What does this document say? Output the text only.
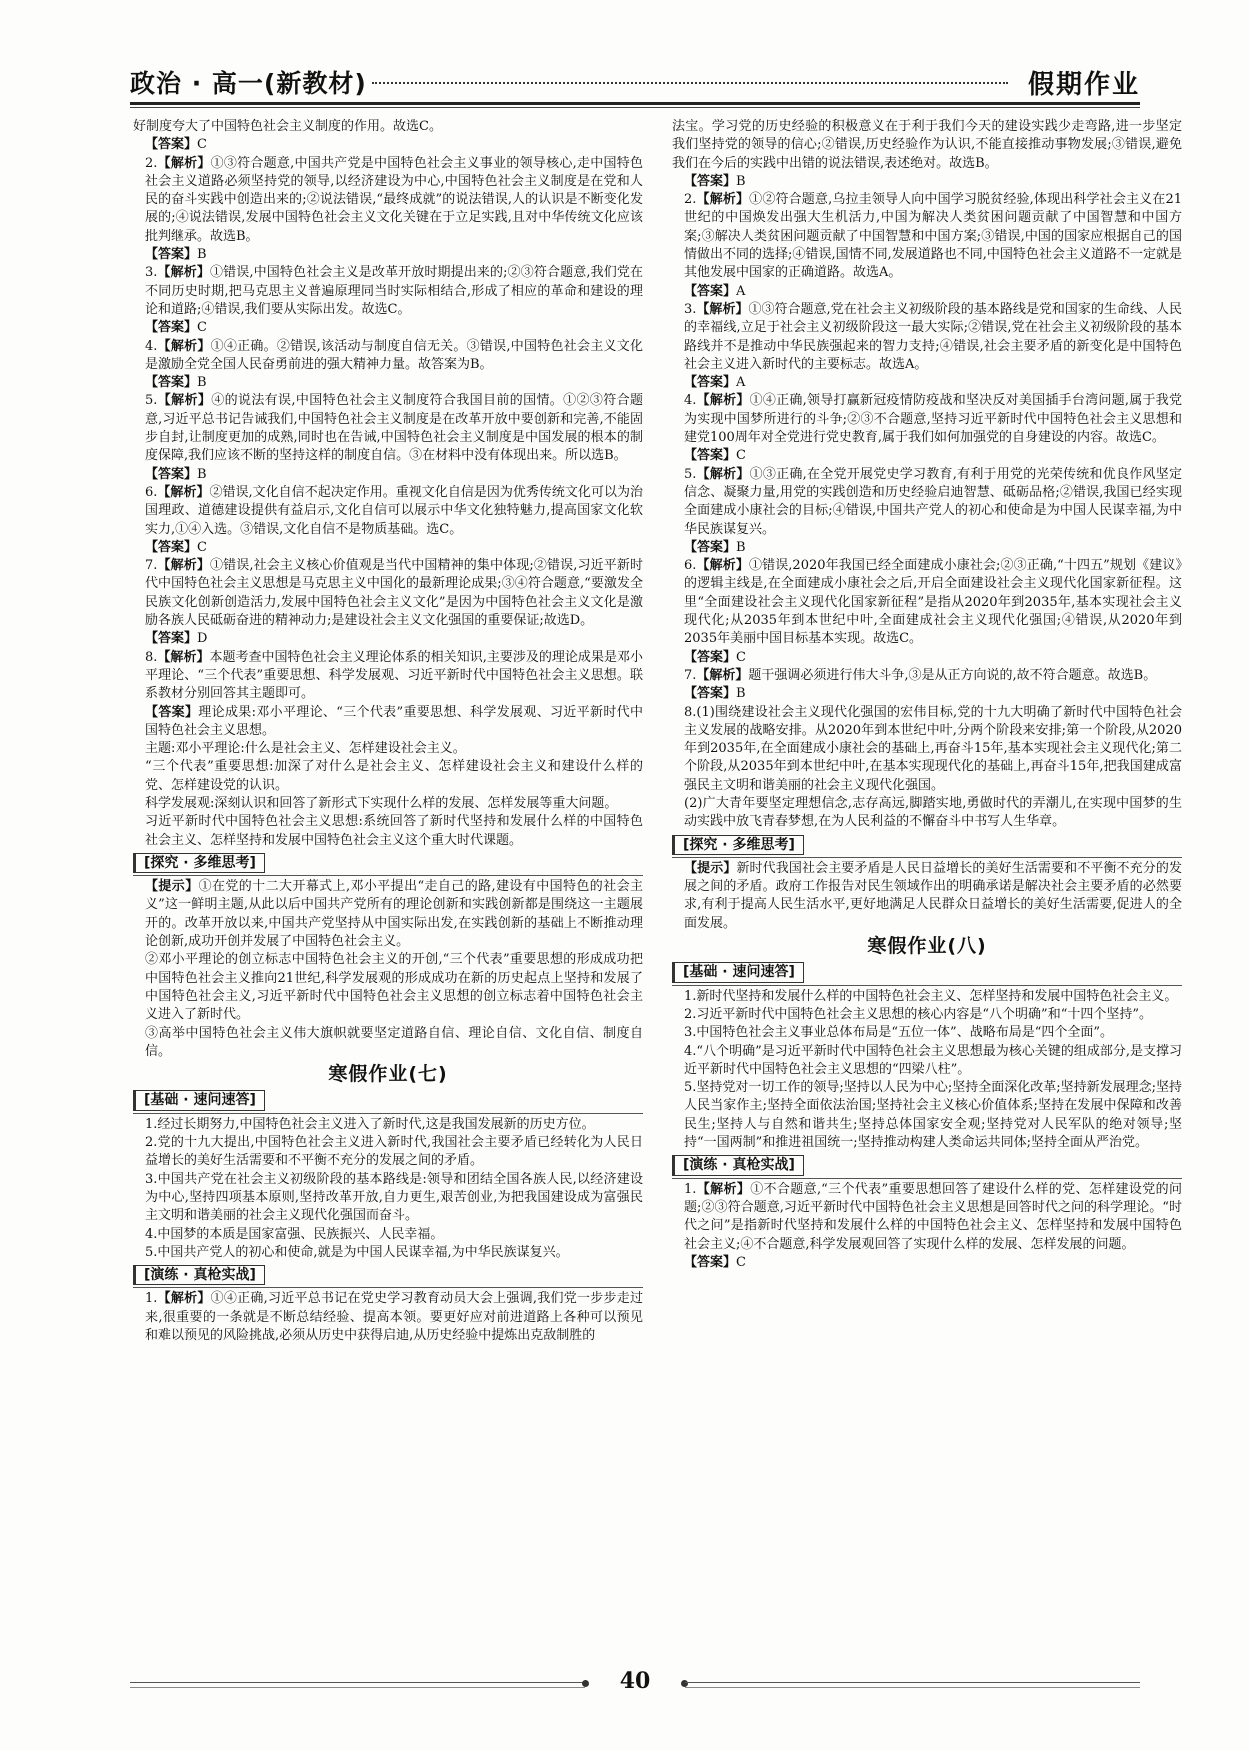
政治 · 高一(新教材)	假期作业

好制度夸大了中国特色社会主义制度的作用。故选C。

【答案】C

2.【解析】①③符合题意,中国共产党是中国特色社会主义事业的领导核心,走中国特色社会主义道路必须坚持党的领导,以经济建设为中心,中国特色社会主义制度是在党和人民的奋斗实践中创造出来的;②说法错误,“最终成就”的说法错误,人的认识是不断变化发展的;④说法错误,发展中国特色社会主义文化关键在于立足实践,且对中华传统文化应该批判继承。故选B。

【答案】B

3.【解析】①错误,中国特色社会主义是改革开放时期提出来的;②③符合题意,我们党在不同历史时期,把马克思主义普遍原理同当时实际相结合,形成了相应的革命和建设的理论和道路;④错误,我们要从实际出发。故选C。

【答案】C

4.【解析】①④正确。②错误,该活动与制度自信无关。③错误,中国特色社会主义文化是激励全党全国人民奋勇前进的强大精神力量。故答案为B。

【答案】B

5.【解析】④的说法有误,中国特色社会主义制度符合我国目前的国情。①②③符合题意,习近平总书记告诫我们,中国特色社会主义制度是在改革开放中要创新和完善,不能固步自封,让制度更加的成熟,同时也在告诫,中国特色社会主义制度是中国发展的根本的制度保障,我们应该不断的坚持这样的制度自信。③在材料中没有体现出来。所以选B。

【答案】B

6.【解析】②错误,文化自信不起决定作用。重视文化自信是因为优秀传统文化可以为治国理政、道德建设提供有益启示,文化自信可以展示中华文化独特魅力,提高国家文化软实力,①④入选。③错误,文化自信不是物质基础。选C。

【答案】C

7.【解析】①错误,社会主义核心价值观是当代中国精神的集中体现;②错误,习近平新时代中国特色社会主义思想是马克思主义中国化的最新理论成果;③④符合题意,“要激发全民族文化创新创造活力,发展中国特色社会主义文化”是因为中国特色社会主义文化是激励各族人民砥砺奋进的精神动力;是建设社会主义文化强国的重要保证;故选D。

【答案】D

8.【解析】本题考查中国特色社会主义理论体系的相关知识,主要涉及的理论成果是邓小平理论、“三个代表”重要思想、科学发展观、习近平新时代中国特色社会主义思想。联系教材分别回答其主题即可。

【答案】理论成果:邓小平理论、“三个代表”重要思想、科学发展观、习近平新时代中国特色社会主义思想。

主题:邓小平理论:什么是社会主义、怎样建设社会主义。

“三个代表”重要思想:加深了对什么是社会主义、怎样建设社会主义和建设什么样的党、怎样建设党的认识。

科学发展观:深刻认识和回答了新形式下实现什么样的发展、怎样发展等重大问题。

习近平新时代中国特色社会主义思想:系统回答了新时代坚持和发展什么样的中国特色社会主义、怎样坚持和发展中国特色社会主义这个重大时代课题。

[探究 · 多维思考]

【提示】①在党的十二大开幕式上,邓小平提出“走自己的路,建设有中国特色的社会主义”这一鲜明主题,从此以后中国共产党所有的理论创新和实践创新都是围绕这一主题展开的。改革开放以来,中国共产党坚持从中国实际出发,在实践创新的基础上不断推动理论创新,成功开创并发展了中国特色社会主义。

②邓小平理论的创立标志中国特色社会主义的开创,“三个代表”重要思想的形成成功把中国特色社会主义推向21世纪,科学发展观的形成成功在新的历史起点上坚持和发展了中国特色社会主义,习近平新时代中国特色社会主义思想的创立标志着中国特色社会主义进入了新时代。

③高举中国特色社会主义伟大旗帜就要坚定道路自信、理论自信、文化自信、制度自信。

寒假作业(七)
[基础 · 速问速答]

1.经过长期努力,中国特色社会主义进入了新时代,这是我国发展新的历史方位。

2.党的十九大提出,中国特色社会主义进入新时代,我国社会主要矛盾已经转化为人民日益增长的美好生活需要和不平衡不充分的发展之间的矛盾。

3.中国共产党在社会主义初级阶段的基本路线是:领导和团结全国各族人民,以经济建设为中心,坚持四项基本原则,坚持改革开放,自力更生,艰苦创业,为把我国建设成为富强民主文明和谐美丽的社会主义现代化强国而奋斗。

4.中国梦的本质是国家富强、民族振兴、人民幸福。

5.中国共产党人的初心和使命,就是为中国人民谋幸福,为中华民族谋复兴。

[演练 · 真枪实战]

1.【解析】①④正确,习近平总书记在党史学习教育动员大会上强调,我们党一步步走过来,很重要的一条就是不断总结经验、提高本领。要更好应对前进道路上各种可以预见和难以预见的风险挑战,必须从历史中获得启迪,从历史经验中提炼出克敌制胜的

法宝。学习党的历史经验的积极意义在于利于我们今天的建设实践少走弯路,进一步坚定我们坚持党的领导的信心;②错误,历史经验作为认识,不能直接推动事物发展;③错误,避免我们在今后的实践中出错的说法错误,表述绝对。故选B。

【答案】B

2.【解析】①②符合题意,乌拉圭领导人向中国学习脱贫经验,体现出科学社会主义在21世纪的中国焕发出强大生机活力,中国为解决人类贫困问题贡献了中国智慧和中国方案;③解决人类贫困问题贡献了中国智慧和中国方案;③错误,中国的国家应根据自己的国情做出不同的选择;④错误,国情不同,发展道路也不同,中国特色社会主义道路不一定就是其他发展中国家的正确道路。故选A。

【答案】A

3.【解析】①③符合题意,党在社会主义初级阶段的基本路线是党和国家的生命线、人民的幸福线,立足于社会主义初级阶段这一最大实际;②错误,党在社会主义初级阶段的基本路线并不是推动中华民族强起来的智力支持;④错误,社会主要矛盾的新变化是中国特色社会主义进入新时代的主要标志。故选A。

【答案】A

4.【解析】①④正确,领导打赢新冠疫情防疫战和坚决反对美国插手台湾问题,属于我党为实现中国梦所进行的斗争;②③不合题意,坚持习近平新时代中国特色社会主义思想和建党100周年对全党进行党史教育,属于我们如何加强党的自身建设的内容。故选C。

【答案】C

5.【解析】①③正确,在全党开展党史学习教育,有利于用党的光荣传统和优良作风坚定信念、凝聚力量,用党的实践创造和历史经验启迪智慧、砥砺品格;②错误,我国已经实现全面建成小康社会的目标;④错误,中国共产党人的初心和使命是为中国人民谋幸福,为中华民族谋复兴。

【答案】B

6.【解析】①错误,2020年我国已经全面建成小康社会;②③正确,“十四五”规划《建议》的逻辑主线是,在全面建成小康社会之后,开启全面建设社会主义现代化国家新征程。这里“全面建设社会主义现代化国家新征程”是指从2020年到2035年,基本实现社会主义现代化;从2035年到本世纪中叶,全面建成社会主义现代化强国;④错误,从2020年到2035年美丽中国目标基本实现。故选C。

【答案】C

7.【解析】题干强调必须进行伟大斗争,③是从正方向说的,故不符合题意。故选B。

【答案】B

8.(1)围绕建设社会主义现代化强国的宏伟目标,党的十九大明确了新时代中国特色社会主义发展的战略安排。从2020年到本世纪中叶,分两个阶段来安排;第一个阶段,从2020年到2035年,在全面建成小康社会的基础上,再奋斗15年,基本实现社会主义现代化;第二个阶段,从2035年到本世纪中叶,在基本实现现代化的基础上,再奋斗15年,把我国建成富强民主文明和谐美丽的社会主义现代化强国。

(2)广大青年要坚定理想信念,志存高远,脚踏实地,勇做时代的弄潮儿,在实现中国梦的生动实践中放飞青春梦想,在为人民利益的不懈奋斗中书写人生华章。

[探究 · 多维思考]

【提示】新时代我国社会主要矛盾是人民日益增长的美好生活需要和不平衡不充分的发展之间的矛盾。政府工作报告对民生领域作出的明确承诺是解决社会主要矛盾的必然要求,有利于提高人民生活水平,更好地满足人民群众日益增长的美好生活需要,促进人的全面发展。

寒假作业(八)
[基础 · 速问速答]

1.新时代坚持和发展什么样的中国特色社会主义、怎样坚持和发展中国特色社会主义。

2.习近平新时代中国特色社会主义思想的核心内容是“八个明确”和“十四个坚持”。

3.中国特色社会主义事业总体布局是“五位一体”、战略布局是“四个全面”。

4.“八个明确”是习近平新时代中国特色社会主义思想最为核心关键的组成部分,是支撑习近平新时代中国特色社会主义思想的“四梁八柱”。

5.坚持党对一切工作的领导;坚持以人民为中心;坚持全面深化改革;坚持新发展理念;坚持人民当家作主;坚持全面依法治国;坚持社会主义核心价值体系;坚持在发展中保障和改善民生;坚持人与自然和谐共生;坚持总体国家安全观;坚持党对人民军队的绝对领导;坚持“一国两制”和推进祖国统一;坚持推动构建人类命运共同体;坚持全面从严治党。

[演练 · 真枪实战]

1.【解析】①不合题意,“三个代表”重要思想回答了建设什么样的党、怎样建设党的问题;②③符合题意,习近平新时代中国特色社会主义思想是回答时代之问的科学理论。“时代之问”是指新时代坚持和发展什么样的中国特色社会主义、怎样坚持和发展中国特色社会主义;④不合题意,科学发展观回答了实现什么样的发展、怎样发展的问题。

【答案】C

40
